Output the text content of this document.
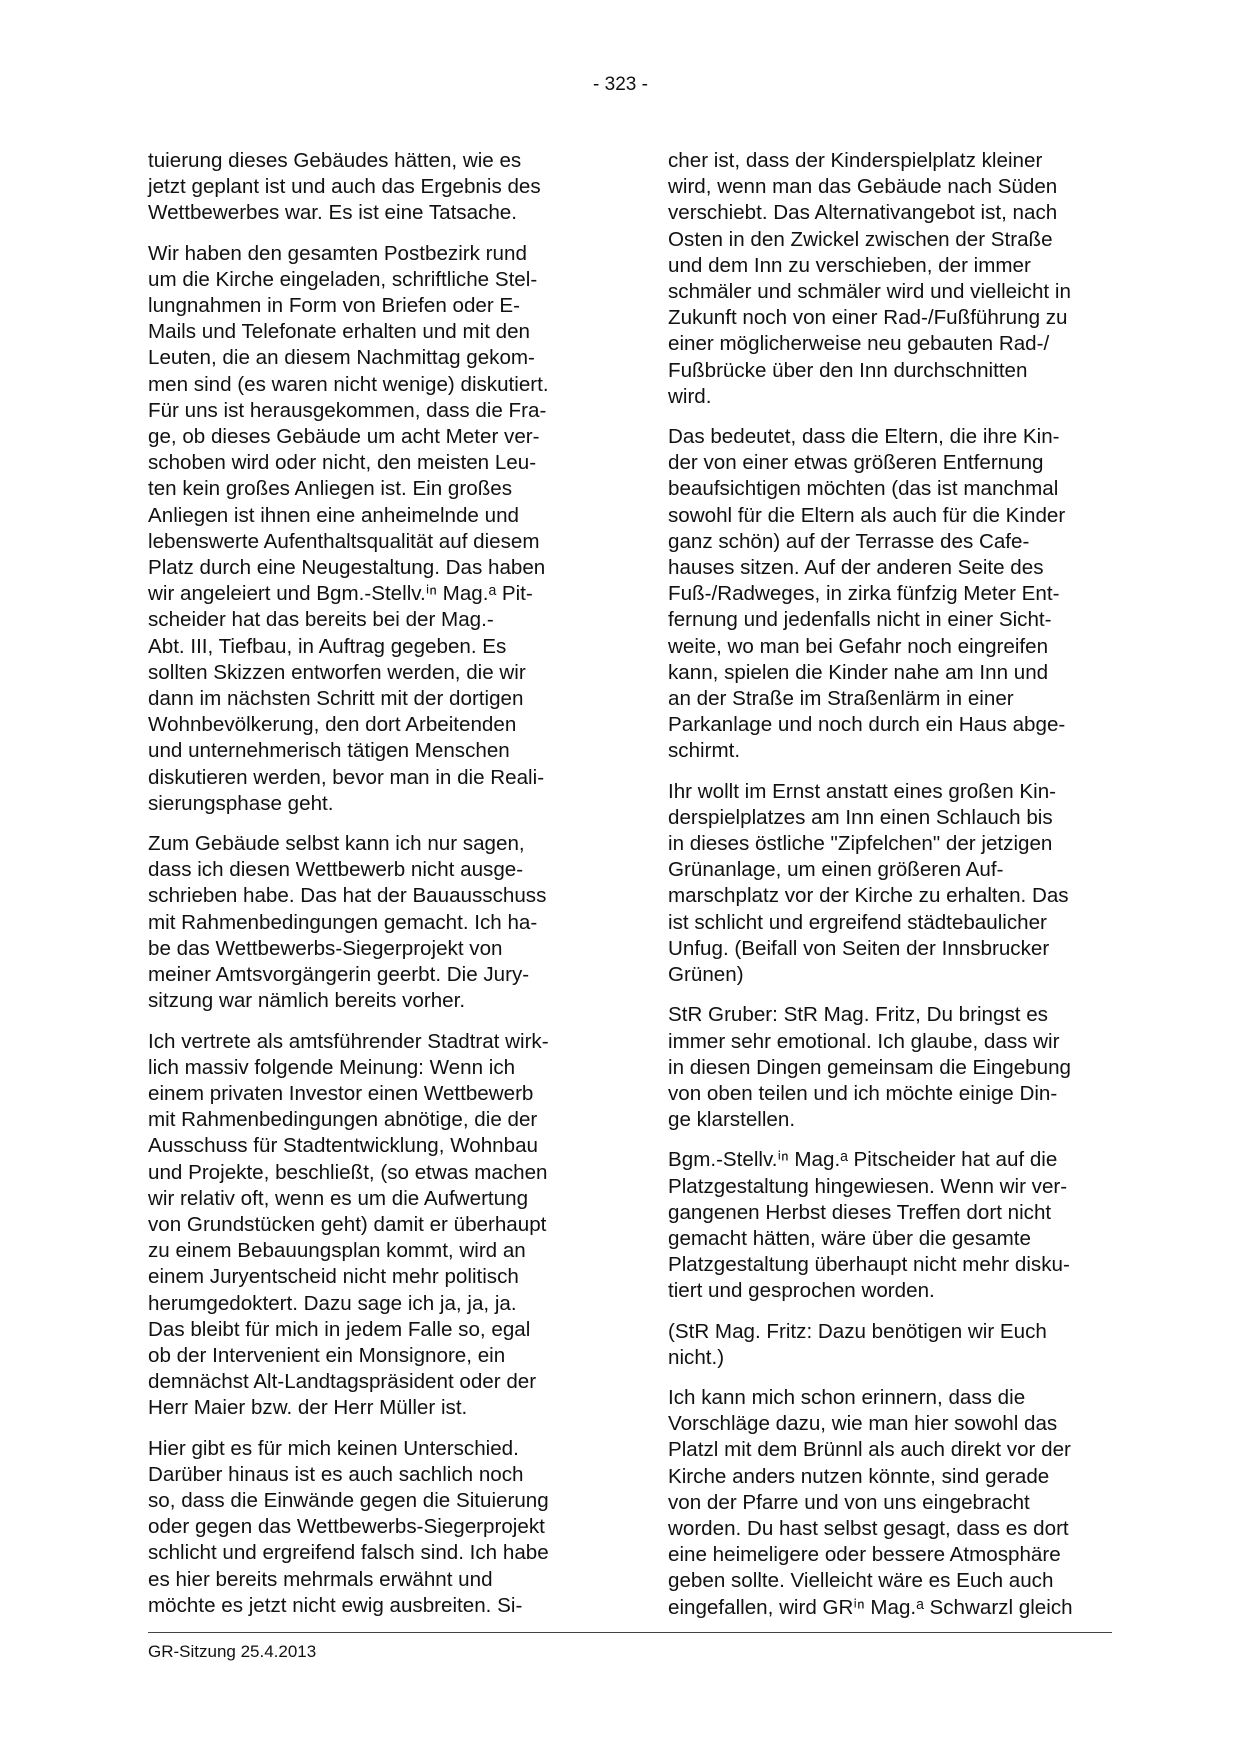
- 323 -

tuierung dieses Gebäudes hätten, wie es
jetzt geplant ist und auch das Ergebnis des
Wettbewerbes war. Es ist eine Tatsache.

Wir haben den gesamten Postbezirk rund
um die Kirche eingeladen, schriftliche Stel-
lungnahmen in Form von Briefen oder E-
Mails und Telefonate erhalten und mit den
Leuten, die an diesem Nachmittag gekom-
men sind (es waren nicht wenige) diskutiert.
Für uns ist herausgekommen, dass die Fra-
ge, ob dieses Gebäude um acht Meter ver-
schoben wird oder nicht, den meisten Leu-
ten kein großes Anliegen ist. Ein großes
Anliegen ist ihnen eine anheimelnde und
lebenswerte Aufenthaltsqualität auf diesem
Platz durch eine Neugestaltung. Das haben
wir angeleiert und Bgm.-Stellv.ⁱⁿ Mag.ᵃ Pit-
scheider hat das bereits bei der Mag.-
Abt. III, Tiefbau, in Auftrag gegeben. Es
sollten Skizzen entworfen werden, die wir
dann im nächsten Schritt mit der dortigen
Wohnbevölkerung, den dort Arbeitenden
und unternehmerisch tätigen Menschen
diskutieren werden, bevor man in die Reali-
sierungsphase geht.

Zum Gebäude selbst kann ich nur sagen,
dass ich diesen Wettbewerb nicht ausge-
schrieben habe. Das hat der Bauausschuss
mit Rahmenbedingungen gemacht. Ich ha-
be das Wettbewerbs-Siegerprojekt von
meiner Amtsvorgängerin geerbt. Die Jury-
sitzung war nämlich bereits vorher.

Ich vertrete als amtsführender Stadtrat wirk-
lich massiv folgende Meinung: Wenn ich
einem privaten Investor einen Wettbewerb
mit Rahmenbedingungen abnötige, die der
Ausschuss für Stadtentwicklung, Wohnbau
und Projekte, beschließt, (so etwas machen
wir relativ oft, wenn es um die Aufwertung
von Grundstücken geht) damit er überhaupt
zu einem Bebauungsplan kommt, wird an
einem Juryentscheid nicht mehr politisch
herumgedoktert. Dazu sage ich ja, ja, ja.
Das bleibt für mich in jedem Falle so, egal
ob der Intervenient ein Monsignore, ein
demnächst Alt-Landtagspräsident oder der
Herr Maier bzw. der Herr Müller ist.

Hier gibt es für mich keinen Unterschied.
Darüber hinaus ist es auch sachlich noch
so, dass die Einwände gegen die Situierung
oder gegen das Wettbewerbs-Siegerprojekt
schlicht und ergreifend falsch sind. Ich habe
es hier bereits mehrmals erwähnt und
möchte es jetzt nicht ewig ausbreiten. Si-

cher ist, dass der Kinderspielplatz kleiner
wird, wenn man das Gebäude nach Süden
verschiebt. Das Alternativangebot ist, nach
Osten in den Zwickel zwischen der Straße
und dem Inn zu verschieben, der immer
schmäler und schmäler wird und vielleicht in
Zukunft noch von einer Rad-/Fußführung zu
einer möglicherweise neu gebauten Rad-/
Fußbrücke über den Inn durchschnitten
wird.

Das bedeutet, dass die Eltern, die ihre Kin-
der von einer etwas größeren Entfernung
beaufsichtigen möchten (das ist manchmal
sowohl für die Eltern als auch für die Kinder
ganz schön) auf der Terrasse des Cafe-
hauses sitzen. Auf der anderen Seite des
Fuß-/Radweges, in zirka fünfzig Meter Ent-
fernung und jedenfalls nicht in einer Sicht-
weite, wo man bei Gefahr noch eingreifen
kann, spielen die Kinder nahe am Inn und
an der Straße im Straßenlärm in einer
Parkanlage und noch durch ein Haus abge-
schirmt.

Ihr wollt im Ernst anstatt eines großen Kin-
derspielplatzes am Inn einen Schlauch bis
in dieses östliche "Zipfelchen" der jetzigen
Grünanlage, um einen größeren Auf-
marschplatz vor der Kirche zu erhalten. Das
ist schlicht und ergreifend städtebaulicher
Unfug. (Beifall von Seiten der Innsbrucker
Grünen)

StR Gruber: StR Mag. Fritz, Du bringst es
immer sehr emotional. Ich glaube, dass wir
in diesen Dingen gemeinsam die Eingebung
von oben teilen und ich möchte einige Din-
ge klarstellen.

Bgm.-Stellv.ⁱⁿ Mag.ᵃ Pitscheider hat auf die
Platzgestaltung hingewiesen. Wenn wir ver-
gangenen Herbst dieses Treffen dort nicht
gemacht hätten, wäre über die gesamte
Platzgestaltung überhaupt nicht mehr disku-
tiert und gesprochen worden.

(StR Mag. Fritz: Dazu benötigen wir Euch
nicht.)

Ich kann mich schon erinnern, dass die
Vorschläge dazu, wie man hier sowohl das
Platzl mit dem Brünnl als auch direkt vor der
Kirche anders nutzen könnte, sind gerade
von der Pfarre und von uns eingebracht
worden. Du hast selbst gesagt, dass es dort
eine heimeligere oder bessere Atmosphäre
geben sollte. Vielleicht wäre es Euch auch
eingefallen, wird GRⁱⁿ Mag.ᵃ Schwarzl gleich

GR-Sitzung 25.4.2013
